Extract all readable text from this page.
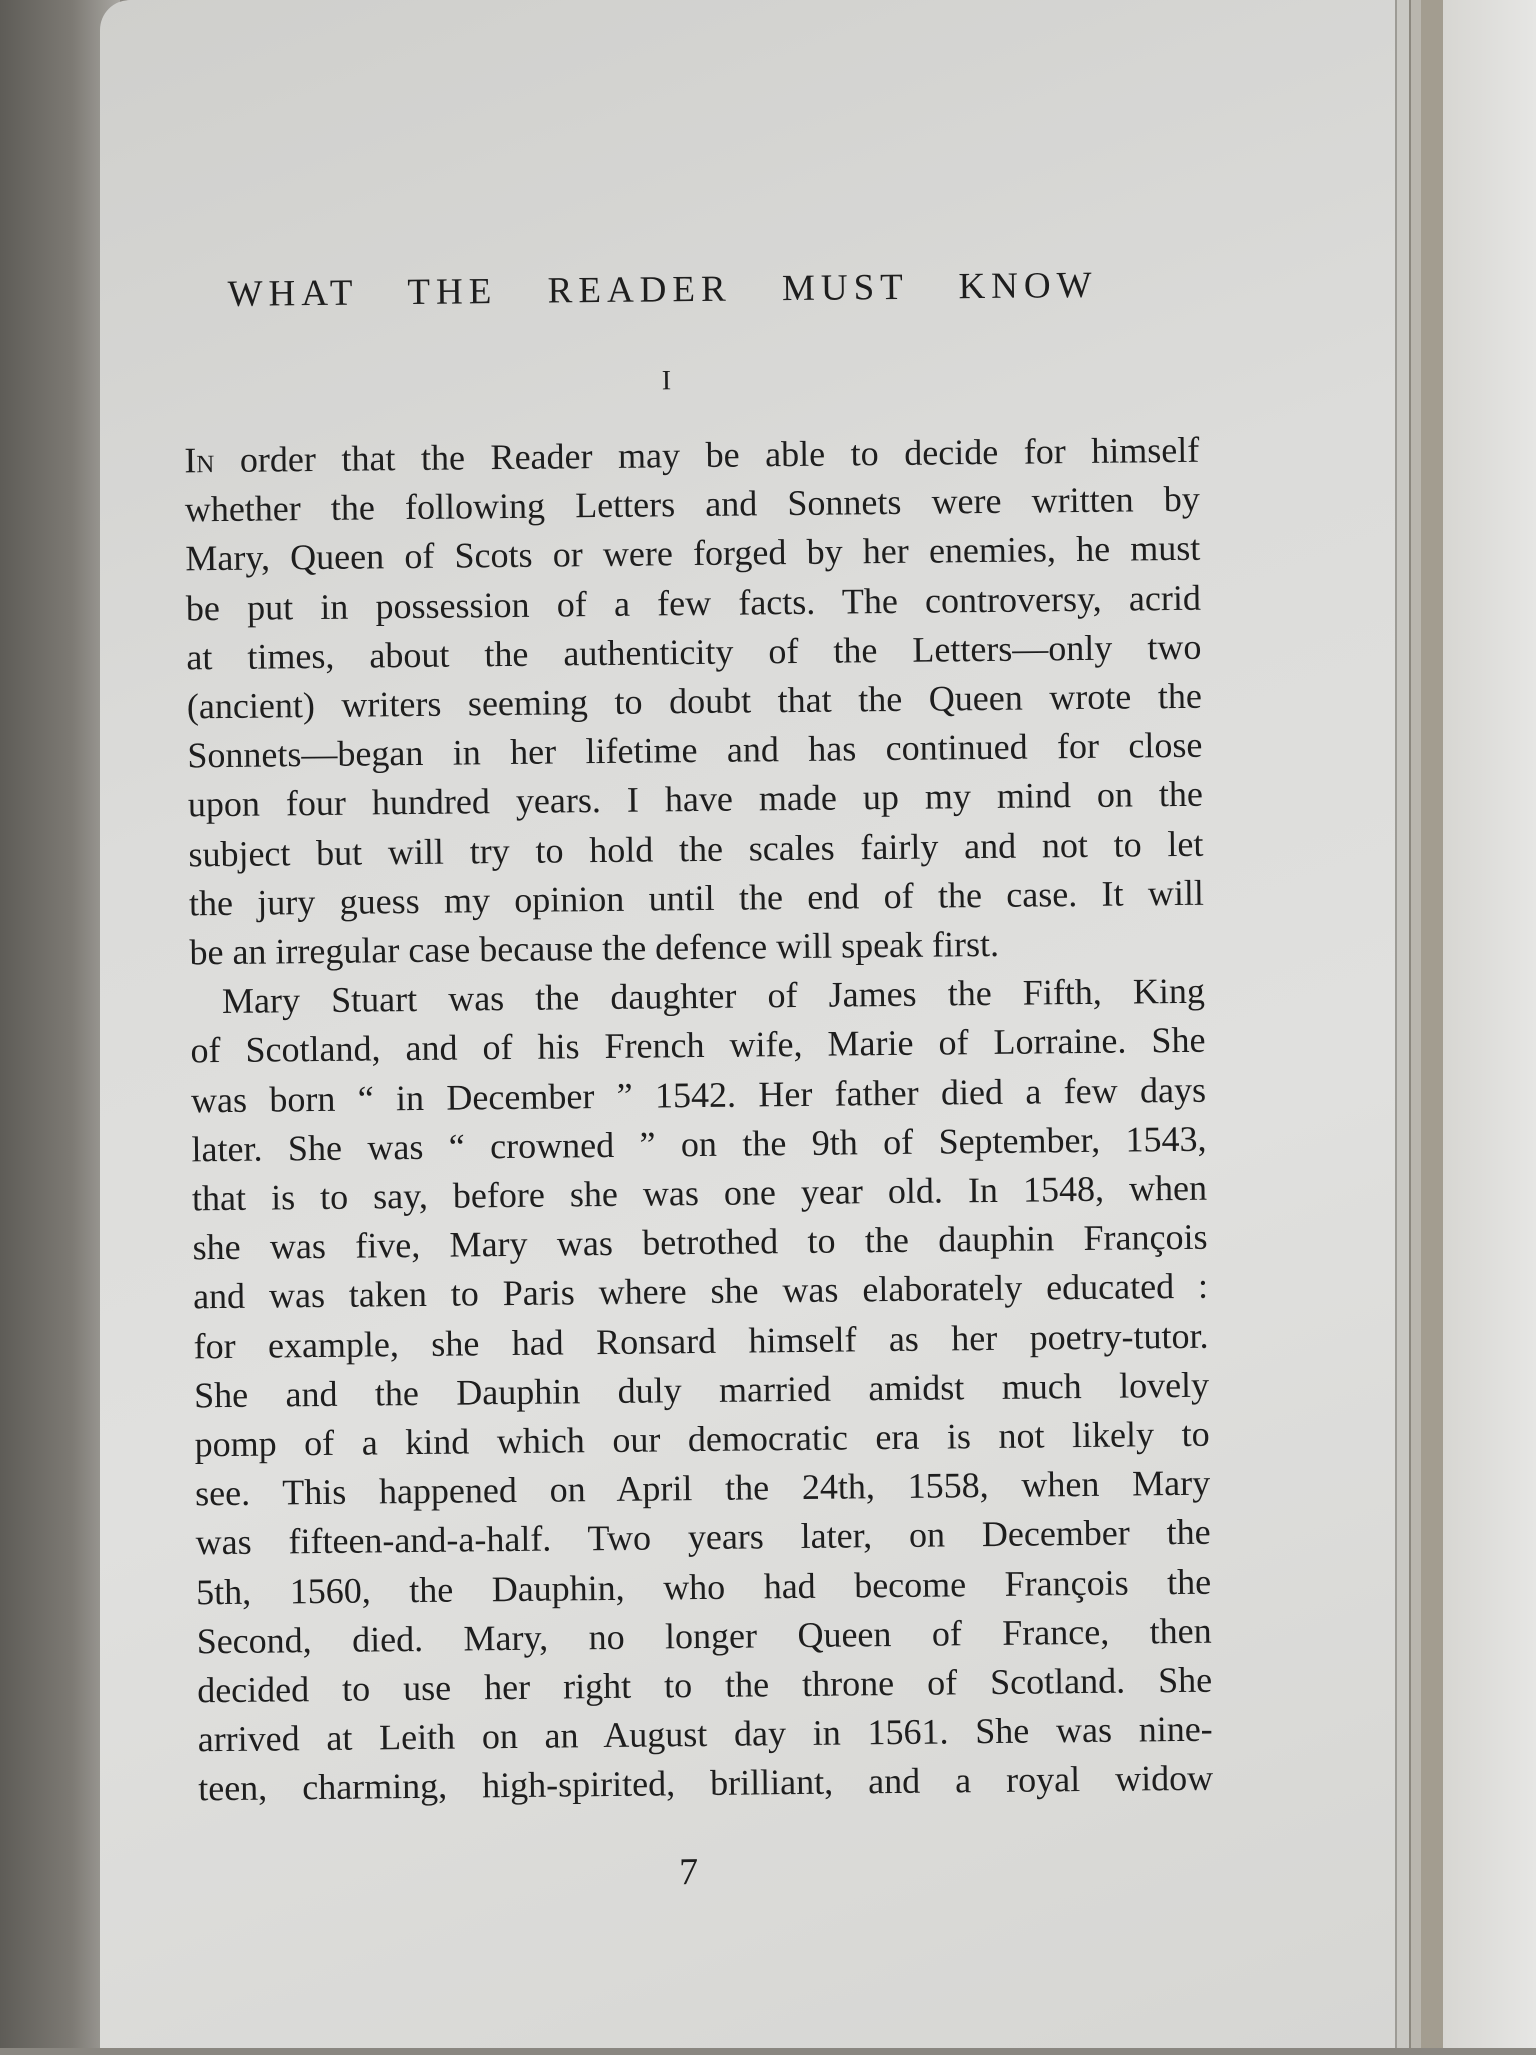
WHAT THE READER MUST KNOW
I
In order that the Reader may be able to decide for himself
whether the following Letters and Sonnets were written by
Mary, Queen of Scots or were forged by her enemies, he must
be put in possession of a few facts. The controversy, acrid
at times, about the authenticity of the Letters—only two
(ancient) writers seeming to doubt that the Queen wrote the
Sonnets—began in her lifetime and has continued for close
upon four hundred years. I have made up my mind on the
subject but will try to hold the scales fairly and not to let
the jury guess my opinion until the end of the case. It will
be an irregular case because the defence will speak first.
Mary Stuart was the daughter of James the Fifth, King
of Scotland, and of his French wife, Marie of Lorraine. She
was born “ in December ” 1542. Her father died a few days
later. She was “ crowned ” on the 9th of September, 1543,
that is to say, before she was one year old. In 1548, when
she was five, Mary was betrothed to the dauphin François
and was taken to Paris where she was elaborately educated :
for example, she had Ronsard himself as her poetry-tutor.
She and the Dauphin duly married amidst much lovely
pomp of a kind which our democratic era is not likely to
see. This happened on April the 24th, 1558, when Mary
was fifteen-and-a-half. Two years later, on December the
5th, 1560, the Dauphin, who had become François the
Second, died. Mary, no longer Queen of France, then
decided to use her right to the throne of Scotland. She
arrived at Leith on an August day in 1561. She was nine-
teen, charming, high-spirited, brilliant, and a royal widow
7
